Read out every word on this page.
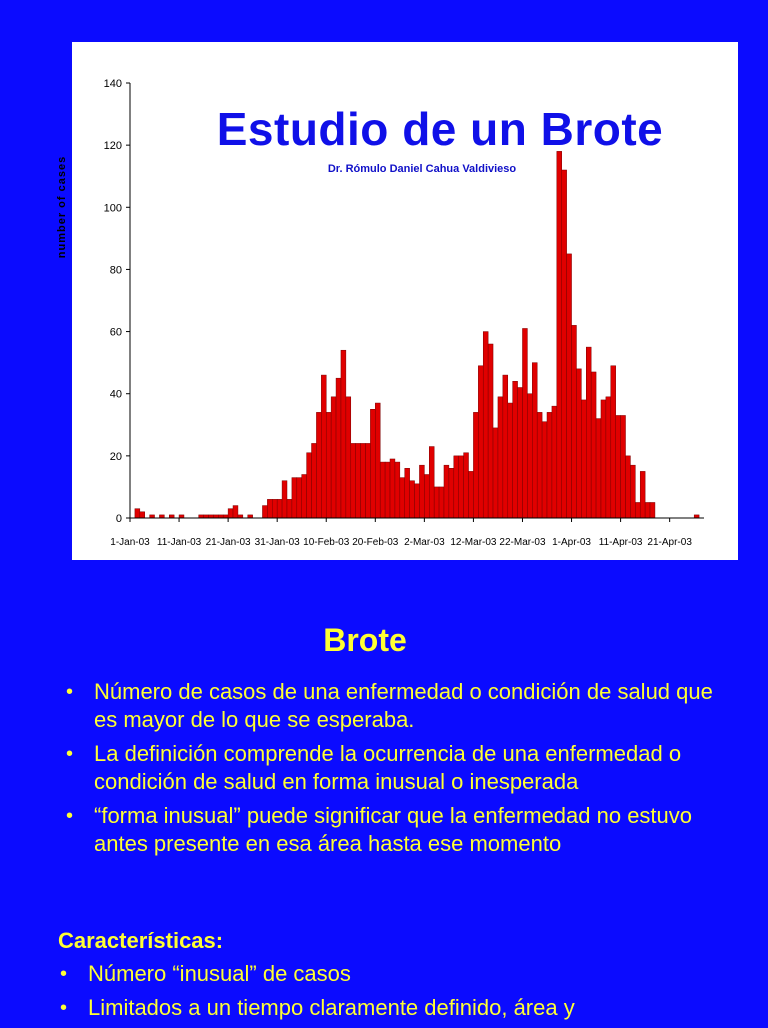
0
20
40
60
80
100
120
140
1-Jan-03 11-Jan-03 21-Jan-03 31-Jan-03 10-Feb-03 20-Feb-03 2-Mar-03 12-Mar-03 22-Mar-03 1-Apr-03 11-Apr-03 21-Apr-03
Estudio de un Brote
Dr. Rómulo Daniel Cahua Valdivieso
number of cases
Brote
• Número de casos de una enfermedad o condición de salud que es mayor de lo que se esperaba.
• La definición comprende la ocurrencia de una enfermedad o condición de salud en forma inusual o inesperada
• “forma inusual” puede significar que la enfermedad no estuvo antes presente en esa área hasta ese momento
Características:
• Número “inusual” de casos
• Limitados a un tiempo claramente definido, área y
